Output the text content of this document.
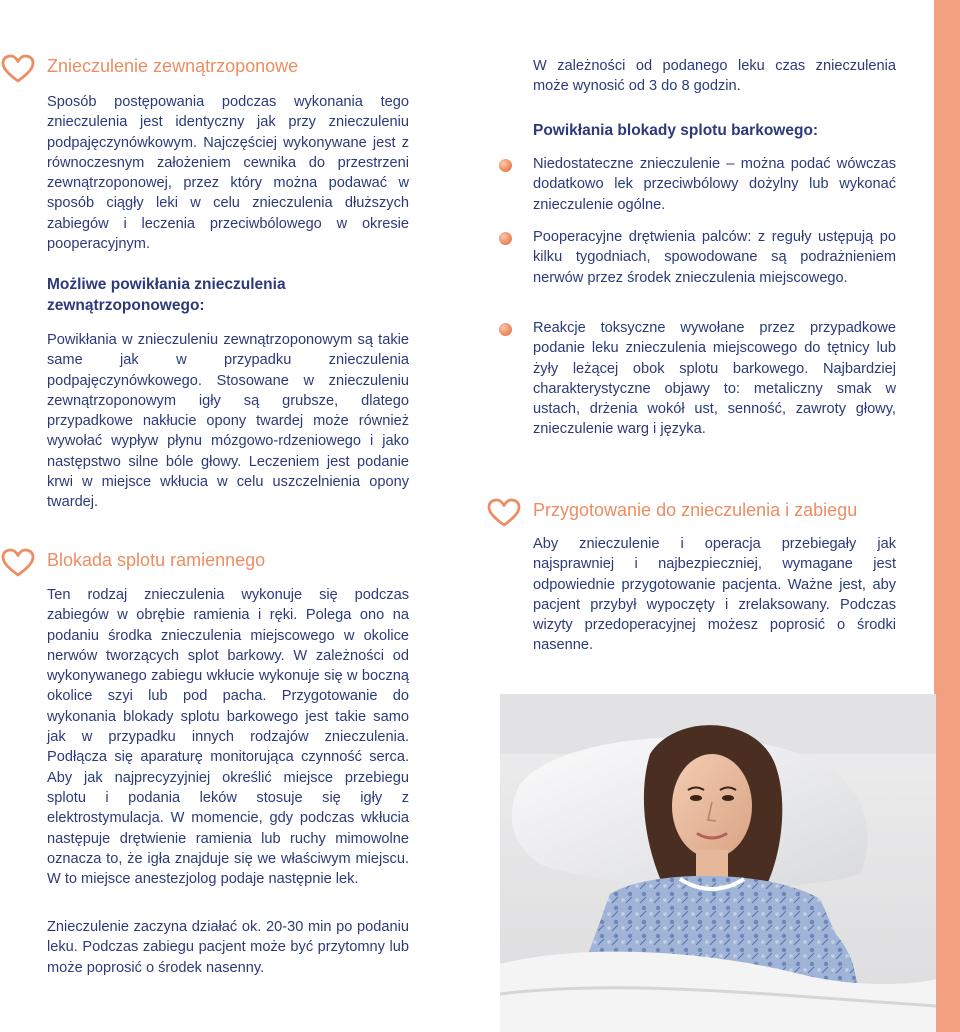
Znieczulenie zewnątrzoponowe

Sposób postępowania podczas wykonania tego znieczulenia jest identyczny jak przy znieczuleniu podpajęczynówkowym. Najczęściej wykonywane jest z równoczesnym założeniem cewnika do przestrzeni zewnątrzoponowej, przez który można podawać w sposób ciągły leki w celu znieczulenia dłuższych zabiegów i leczenia przeciwbólowego w okresie pooperacyjnym.

Możliwe powikłania znieczulenia zewnątrzoponowego:

Powikłania w znieczuleniu zewnątrzoponowym są takie same jak w przypadku znieczulenia podpajęczynówkowego. Stosowane w znieczuleniu zewnątrzoponowym igły są grubsze, dlatego przypadkowe nakłucie opony twardej może również wywołać wypływ płynu mózgowo-rdzeniowego i jako następstwo silne bóle głowy. Leczeniem jest podanie krwi w miejsce wkłucia w celu uszczelnienia opony twardej.

Blokada splotu ramiennego

Ten rodzaj znieczulenia wykonuje się podczas zabiegów w obrębie ramienia i ręki. Polega ono na podaniu środka znieczulenia miejscowego w okolice nerwów tworzących splot barkowy. W zależności od wykonywanego zabiegu wkłucie wykonuje się w boczną okolice szyi lub pod pacha. Przygotowanie do wykonania blokady splotu barkowego jest takie samo jak w przypadku innych rodzajów znieczulenia. Podłącza się aparaturę monitorująca czynność serca. Aby jak najprecyzyjniej określić miejsce przebiegu splotu i podania leków stosuje się igły z elektrostymulacja. W momencie, gdy podczas wkłucia następuje drętwienie ramienia lub ruchy mimowolne oznacza to, że igła znajduje się we właściwym miejscu. W to miejsce anestezjolog podaje następnie lek.

Znieczulenie zaczyna działać ok. 20-30 min po podaniu leku. Podczas zabiegu pacjent może być przytomny lub może poprosić o środek nasenny.

W zależności od podanego leku czas znieczulenia może wynosić od 3 do 8 godzin.

Powikłania blokady splotu barkowego:

Niedostateczne znieczulenie – można podać wówczas dodatkowo lek przeciwbólowy dożylny lub wykonać znieczulenie ogólne.

Pooperacyjne drętwienia palców: z reguły ustępują po kilku tygodniach, spowodowane są podrażnieniem nerwów przez środek znieczulenia miejscowego.

Reakcje toksyczne wywołane przez przypadkowe podanie leku znieczulenia miejscowego do tętnicy lub żyły leżącej obok splotu barkowego. Najbardziej charakterystyczne objawy to: metaliczny smak w ustach, drżenia wokół ust, senność, zawroty głowy, znieczulenie warg i języka.

Przygotowanie do znieczulenia i zabiegu

Aby znieczulenie i operacja przebiegały jak najsprawniej i najbezpieczniej, wymagane jest odpowiednie przygotowanie pacjenta. Ważne jest, aby pacjent przybył wypoczęty i zrelaksowany. Podczas wizyty przedoperacyjnej możesz poprosić o środki nasenne.
